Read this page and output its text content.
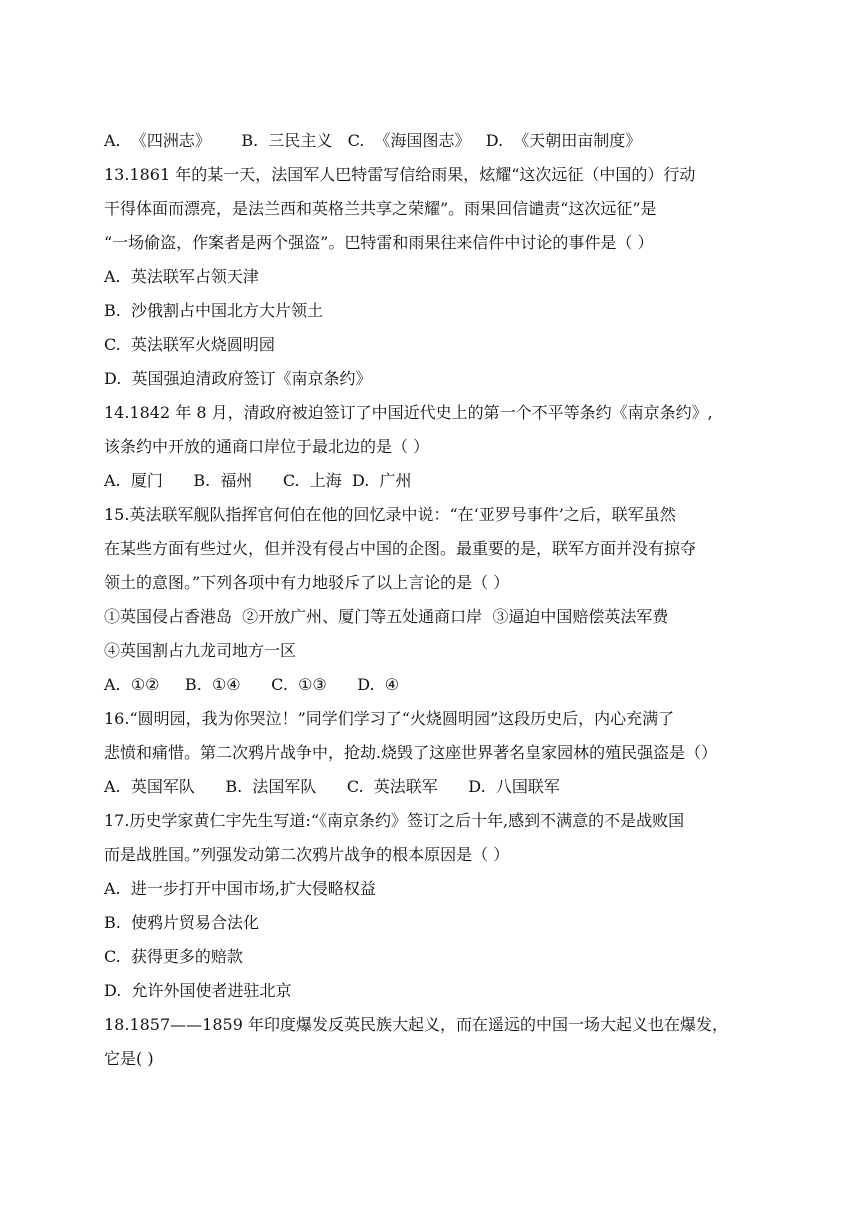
A.  《四洲志》      B.  三民主义   C.  《海国图志》   D.  《天朝田亩制度》
13.1861 年的某一天，法国军人巴特雷写信给雨果，炫耀“这次远征（中国的）行动
干得体面而漂亮，是法兰西和英格兰共享之荣耀”。雨果回信谴责“这次远征”是
“一场偷盗，作案者是两个强盗”。巴特雷和雨果往来信件中讨论的事件是（ ）
A.  英法联军占领天津
B.  沙俄割占中国北方大片领土
C.  英法联军火烧圆明园
D.  英国强迫清政府签订《南京条约》
14.1842 年 8 月，清政府被迫签订了中国近代史上的第一个不平等条约《南京条约》,
该条约中开放的通商口岸位于最北边的是（ ）
A.  厦门      B.  福州      C.  上海  D.  广州
15.英法联军舰队指挥官何伯在他的回忆录中说：“在‘亚罗号事件’之后，联军虽然
在某些方面有些过火，但并没有侵占中国的企图。最重要的是，联军方面并没有掠夺
领土的意图。”下列各项中有力地驳斥了以上言论的是（ ）
①英国侵占香港岛  ②开放广州、厦门等五处通商口岸  ③逼迫中国赔偿英法军费
④英国割占九龙司地方一区
A.  ①②     B.  ①④      C.  ①③      D.  ④
16.“圆明园，我为你哭泣！”同学们学习了“火烧圆明园”这段历史后，内心充满了
悲愤和痛惜。第二次鸦片战争中，抢劫.烧毁了这座世界著名皇家园林的殖民强盗是（）
A.  英国军队      B.  法国军队      C.  英法联军      D.  八国联军
17.历史学家黄仁宇先生写道:“《南京条约》签订之后十年,感到不满意的不是战败国
而是战胜国。”列强发动第二次鸦片战争的根本原因是（ ）
A.  进一步打开中国市场,扩大侵略权益
B.  使鸦片贸易合法化
C.  获得更多的赔款
D.  允许外国使者进驻北京
18.1857——1859 年印度爆发反英民族大起义，而在遥远的中国一场大起义也在爆发，
它是( )
